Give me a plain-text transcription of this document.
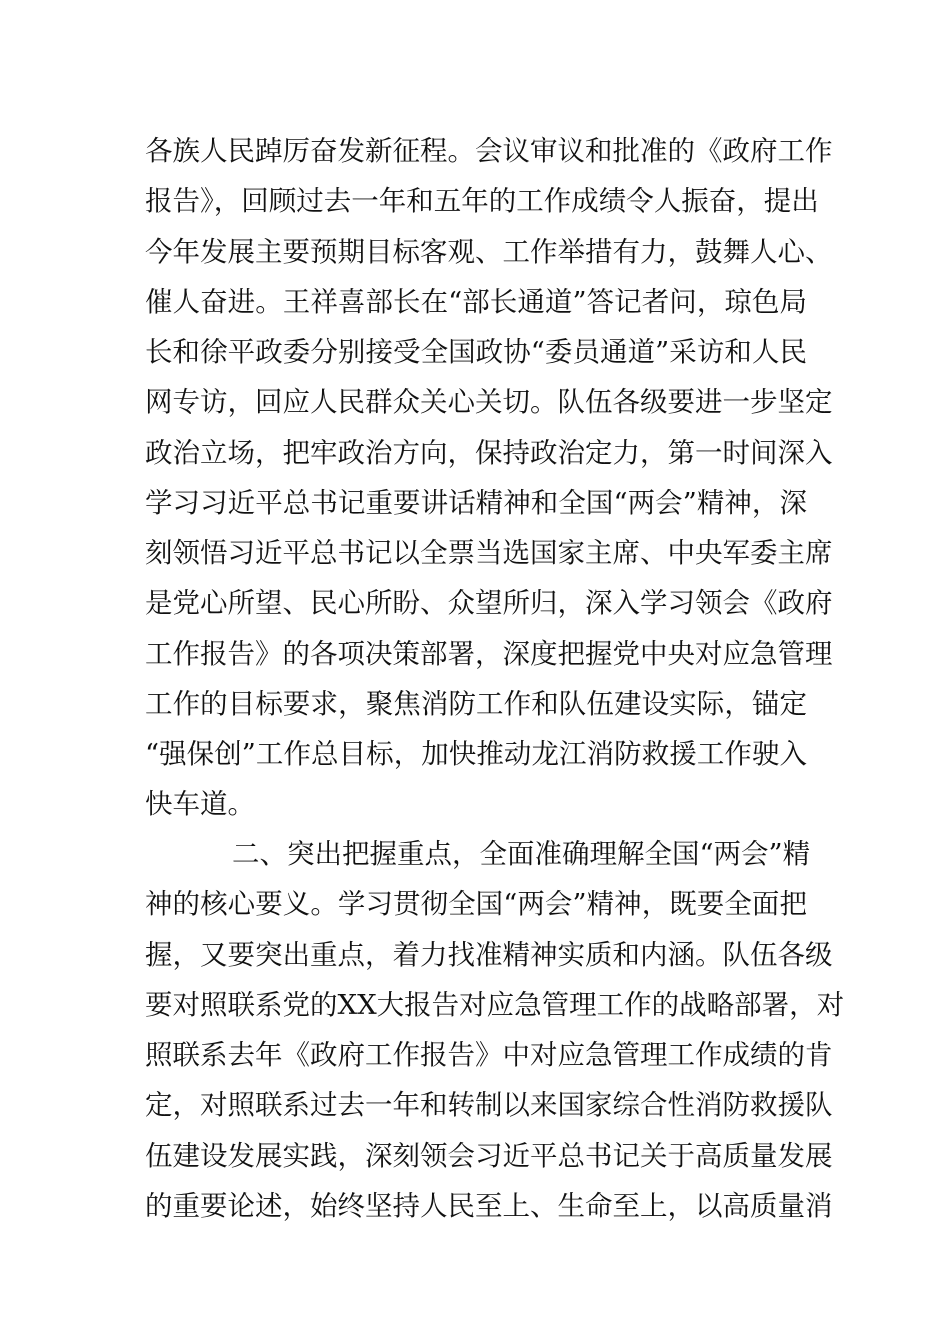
各族人民踔厉奋发新征程。会议审议和批准的《政府工作

报告》，回顾过去一年和五年的工作成绩令人振奋，提出

今年发展主要预期目标客观、工作举措有力，鼓舞人心、

催人奋进。王祥喜部长在“部长通道”答记者问，琼色局

长和徐平政委分别接受全国政协“委员通道”采访和人民

网专访，回应人民群众关心关切。队伍各级要进一步坚定

政治立场，把牢政治方向，保持政治定力，第一时间深入

学习习近平总书记重要讲话精神和全国“两会”精神，深

刻领悟习近平总书记以全票当选国家主席、中央军委主席

是党心所望、民心所盼、众望所归，深入学习领会《政府

工作报告》的各项决策部署，深度把握党中央对应急管理

工作的目标要求，聚焦消防工作和队伍建设实际，锚定

“强保创”工作总目标，加快推动龙江消防救援工作驶入

快车道。

二、突出把握重点，全面准确理解全国“两会”精

神的核心要义。学习贯彻全国“两会”精神，既要全面把

握，又要突出重点，着力找准精神实质和内涵。队伍各级

要对照联系党的XX大报告对应急管理工作的战略部署，对

照联系去年《政府工作报告》中对应急管理工作成绩的肯

定，对照联系过去一年和转制以来国家综合性消防救援队

伍建设发展实践，深刻领会习近平总书记关于高质量发展

的重要论述，始终坚持人民至上、生命至上，以高质量消
